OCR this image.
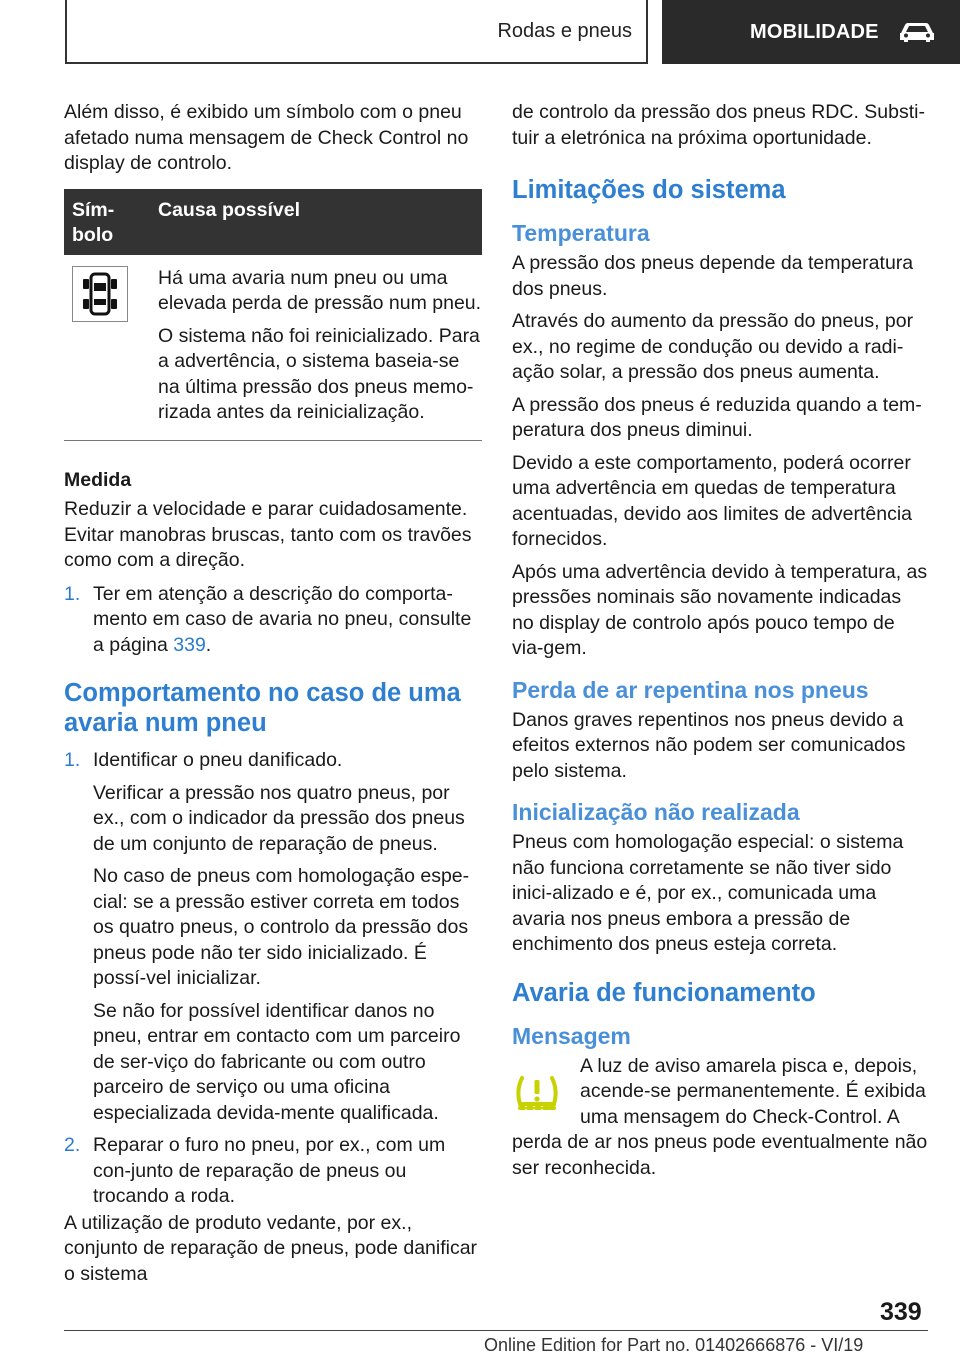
Rodas e pneus	MOBILIDADE

Além disso, é exibido um símbolo com o pneu afetado numa mensagem de Check Control no display de controlo.

Sím-bolo
Causa possível

Há uma avaria num pneu ou uma elevada perda de pressão num pneu.

O sistema não foi reinicializado. Para a advertência, o sistema baseia-se na última pressão dos pneus memo-rizada antes da reinicialização.

Medida

Reduzir a velocidade e parar cuidadosamente. Evitar manobras bruscas, tanto com os travões como com a direção.

1. Ter em atenção a descrição do comporta-mento em caso de avaria no pneu, consulte a página 339.
Comportamento no caso de uma avaria num pneu
1. Identificar o pneu danificado.

Verificar a pressão nos quatro pneus, por ex., com o indicador da pressão dos pneus de um conjunto de reparação de pneus.

No caso de pneus com homologação espe-cial: se a pressão estiver correta em todos os quatro pneus, o controlo da pressão dos pneus pode não ter sido inicializado. É possí-vel inicializar.

Se não for possível identificar danos no pneu, entrar em contacto com um parceiro de ser-viço do fabricante ou com outro parceiro de serviço ou uma oficina especializada devida-mente qualificada.

2. Reparar o furo no pneu, por ex., com um con-junto de reparação de pneus ou trocando a roda.

A utilização de produto vedante, por ex., conjunto de reparação de pneus, pode danificar o sistema

de controlo da pressão dos pneus RDC. Substi-tuir a eletrónica na próxima oportunidade.

Limitações do sistema
Temperatura

A pressão dos pneus depende da temperatura dos pneus.

Através do aumento da pressão do pneus, por ex., no regime de condução ou devido a radi-ação solar, a pressão dos pneus aumenta.

A pressão dos pneus é reduzida quando a tem-peratura dos pneus diminui.

Devido a este comportamento, poderá ocorrer uma advertência em quedas de temperatura acentuadas, devido aos limites de advertência fornecidos.

Após uma advertência devido à temperatura, as pressões nominais são novamente indicadas no display de controlo após pouco tempo de via-gem.

Perda de ar repentina nos pneus

Danos graves repentinos nos pneus devido a efeitos externos não podem ser comunicados pelo sistema.

Inicialização não realizada

Pneus com homologação especial: o sistema não funciona corretamente se não tiver sido inici-alizado e é, por ex., comunicada uma avaria nos pneus embora a pressão de enchimento dos pneus esteja correta.

Avaria de funcionamento
Mensagem

A luz de aviso amarela pisca e, depois, acende-se permanentemente. É exibida uma mensagem do Check-Control. A perda de ar nos pneus pode eventualmente não ser reconhecida.

339
Online Edition for Part no. 01402666876 - VI/19
